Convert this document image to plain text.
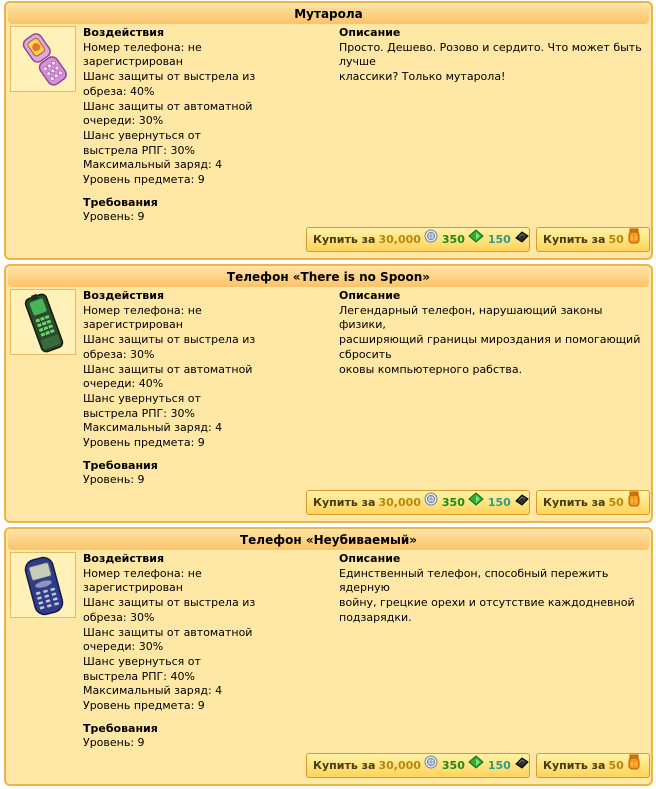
Мутарола
Воздействия
Номер телефона: не
зарегистрирован
Шанс защиты от выстрела из
обреза: 40%
Шанс защиты от автоматной
очереди: 30%
Шанс увернуться от
выстрела РПГ: 30%
Максимальный заряд: 4
Уровень предмета: 9
Требования
Уровень: 9
Описание
Просто. Дешево. Розово и сердито. Что может быть лучше
классики? Только мутарола!
Купить за 30,000 350 150	Купить за 50
Телефон «There is no Spoon»
Воздействия
Номер телефона: не
зарегистрирован
Шанс защиты от выстрела из
обреза: 30%
Шанс защиты от автоматной
очереди: 40%
Шанс увернуться от
выстрела РПГ: 30%
Максимальный заряд: 4
Уровень предмета: 9
Требования
Уровень: 9
Описание
Легендарный телефон, нарушающий законы физики,
расширяющий границы мироздания и помогающий сбросить
оковы компьютерного рабства.
Купить за 30,000 350 150	Купить за 50
Телефон «Неубиваемый»
Воздействия
Номер телефона: не
зарегистрирован
Шанс защиты от выстрела из
обреза: 30%
Шанс защиты от автоматной
очереди: 30%
Шанс увернуться от
выстрела РПГ: 40%
Максимальный заряд: 4
Уровень предмета: 9
Требования
Уровень: 9
Описание
Единственный телефон, способный пережить ядерную
войну, грецкие орехи и отсутствие каждодневной
подзарядки.
Купить за 30,000 350 150	Купить за 50
